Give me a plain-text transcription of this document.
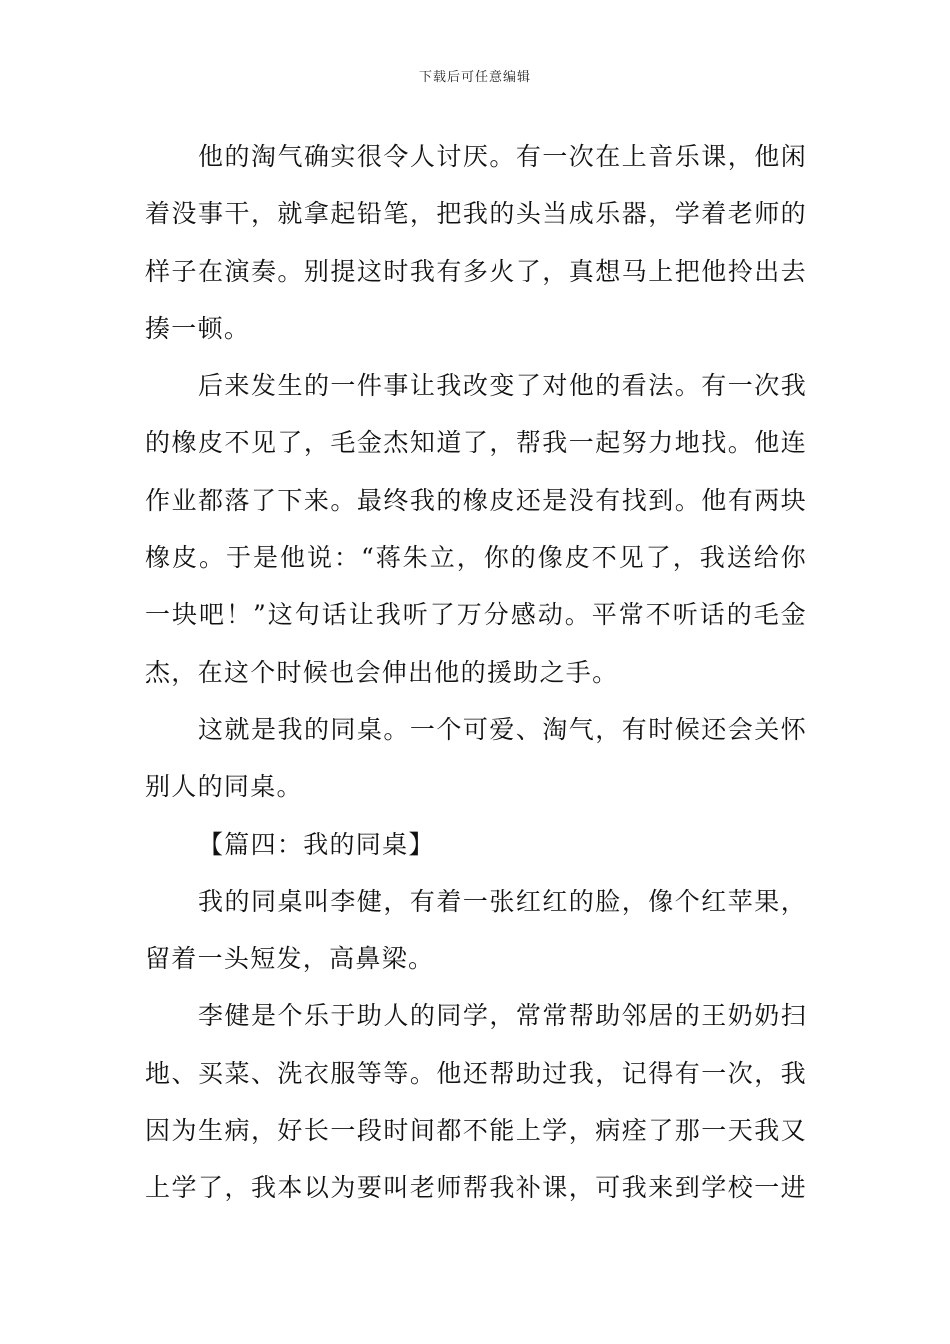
下载后可任意编辑
他的淘气确实很令人讨厌。有一次在上音乐课，他闲
着没事干，就拿起铅笔，把我的头当成乐器，学着老师的
样子在演奏。别提这时我有多火了，真想马上把他拎出去
揍一顿。
后来发生的一件事让我改变了对他的看法。有一次我
的橡皮不见了，毛金杰知道了，帮我一起努力地找。他连
作业都落了下来。最终我的橡皮还是没有找到。他有两块
橡皮。于是他说：“蒋朱立，你的像皮不见了，我送给你
一块吧！”这句话让我听了万分感动。平常不听话的毛金
杰，在这个时候也会伸出他的援助之手。
这就是我的同桌。一个可爱、淘气，有时候还会关怀
别人的同桌。
【篇四：我的同桌】
我的同桌叫李健，有着一张红红的脸，像个红苹果，
留着一头短发，高鼻梁。
李健是个乐于助人的同学，常常帮助邻居的王奶奶扫
地、买菜、洗衣服等等。他还帮助过我，记得有一次，我
因为生病，好长一段时间都不能上学，病痊了那一天我又
上学了，我本以为要叫老师帮我补课，可我来到学校一进
